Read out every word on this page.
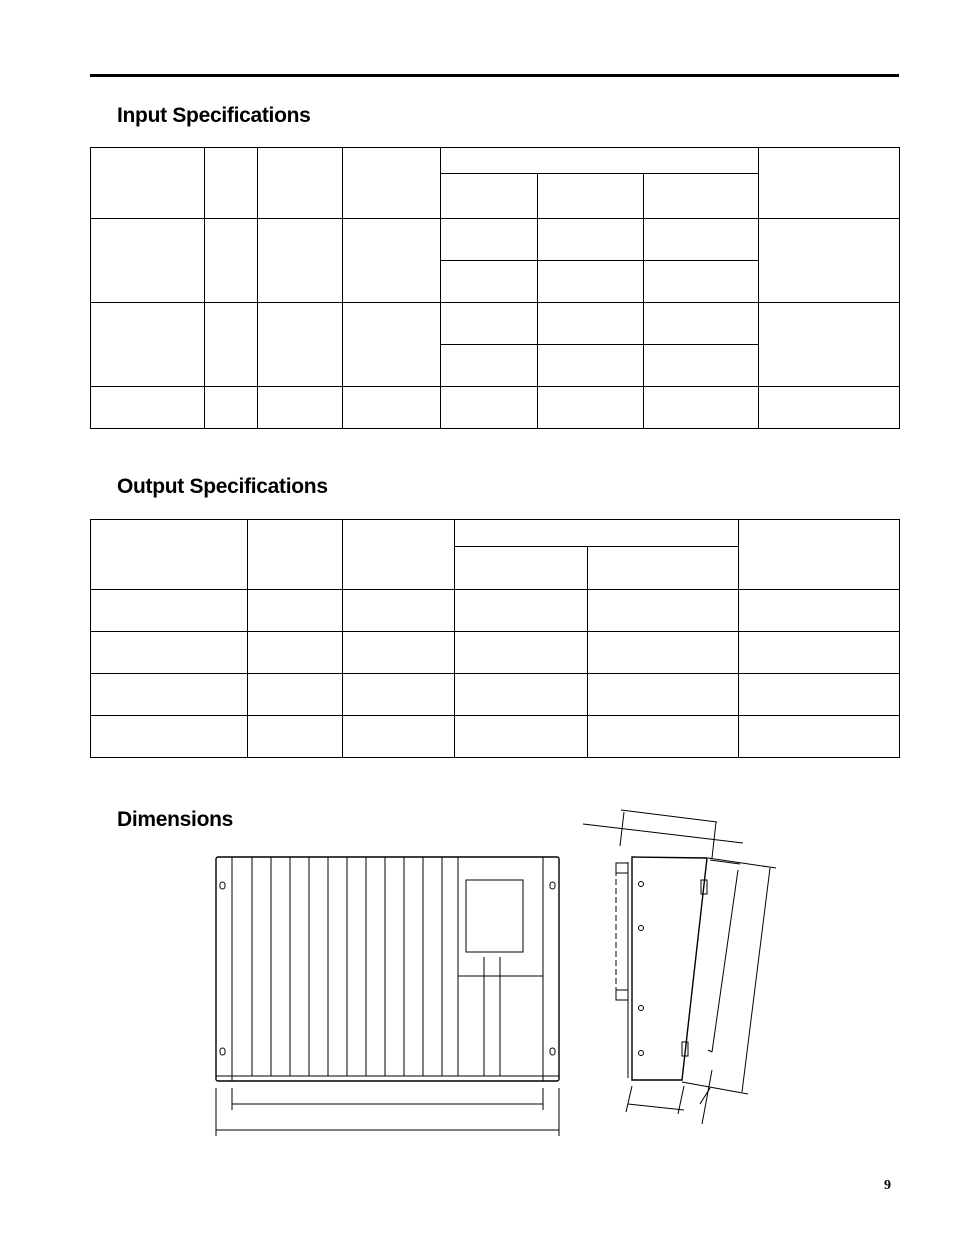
Input Specifications

Output Specifications

Dimensions
9
